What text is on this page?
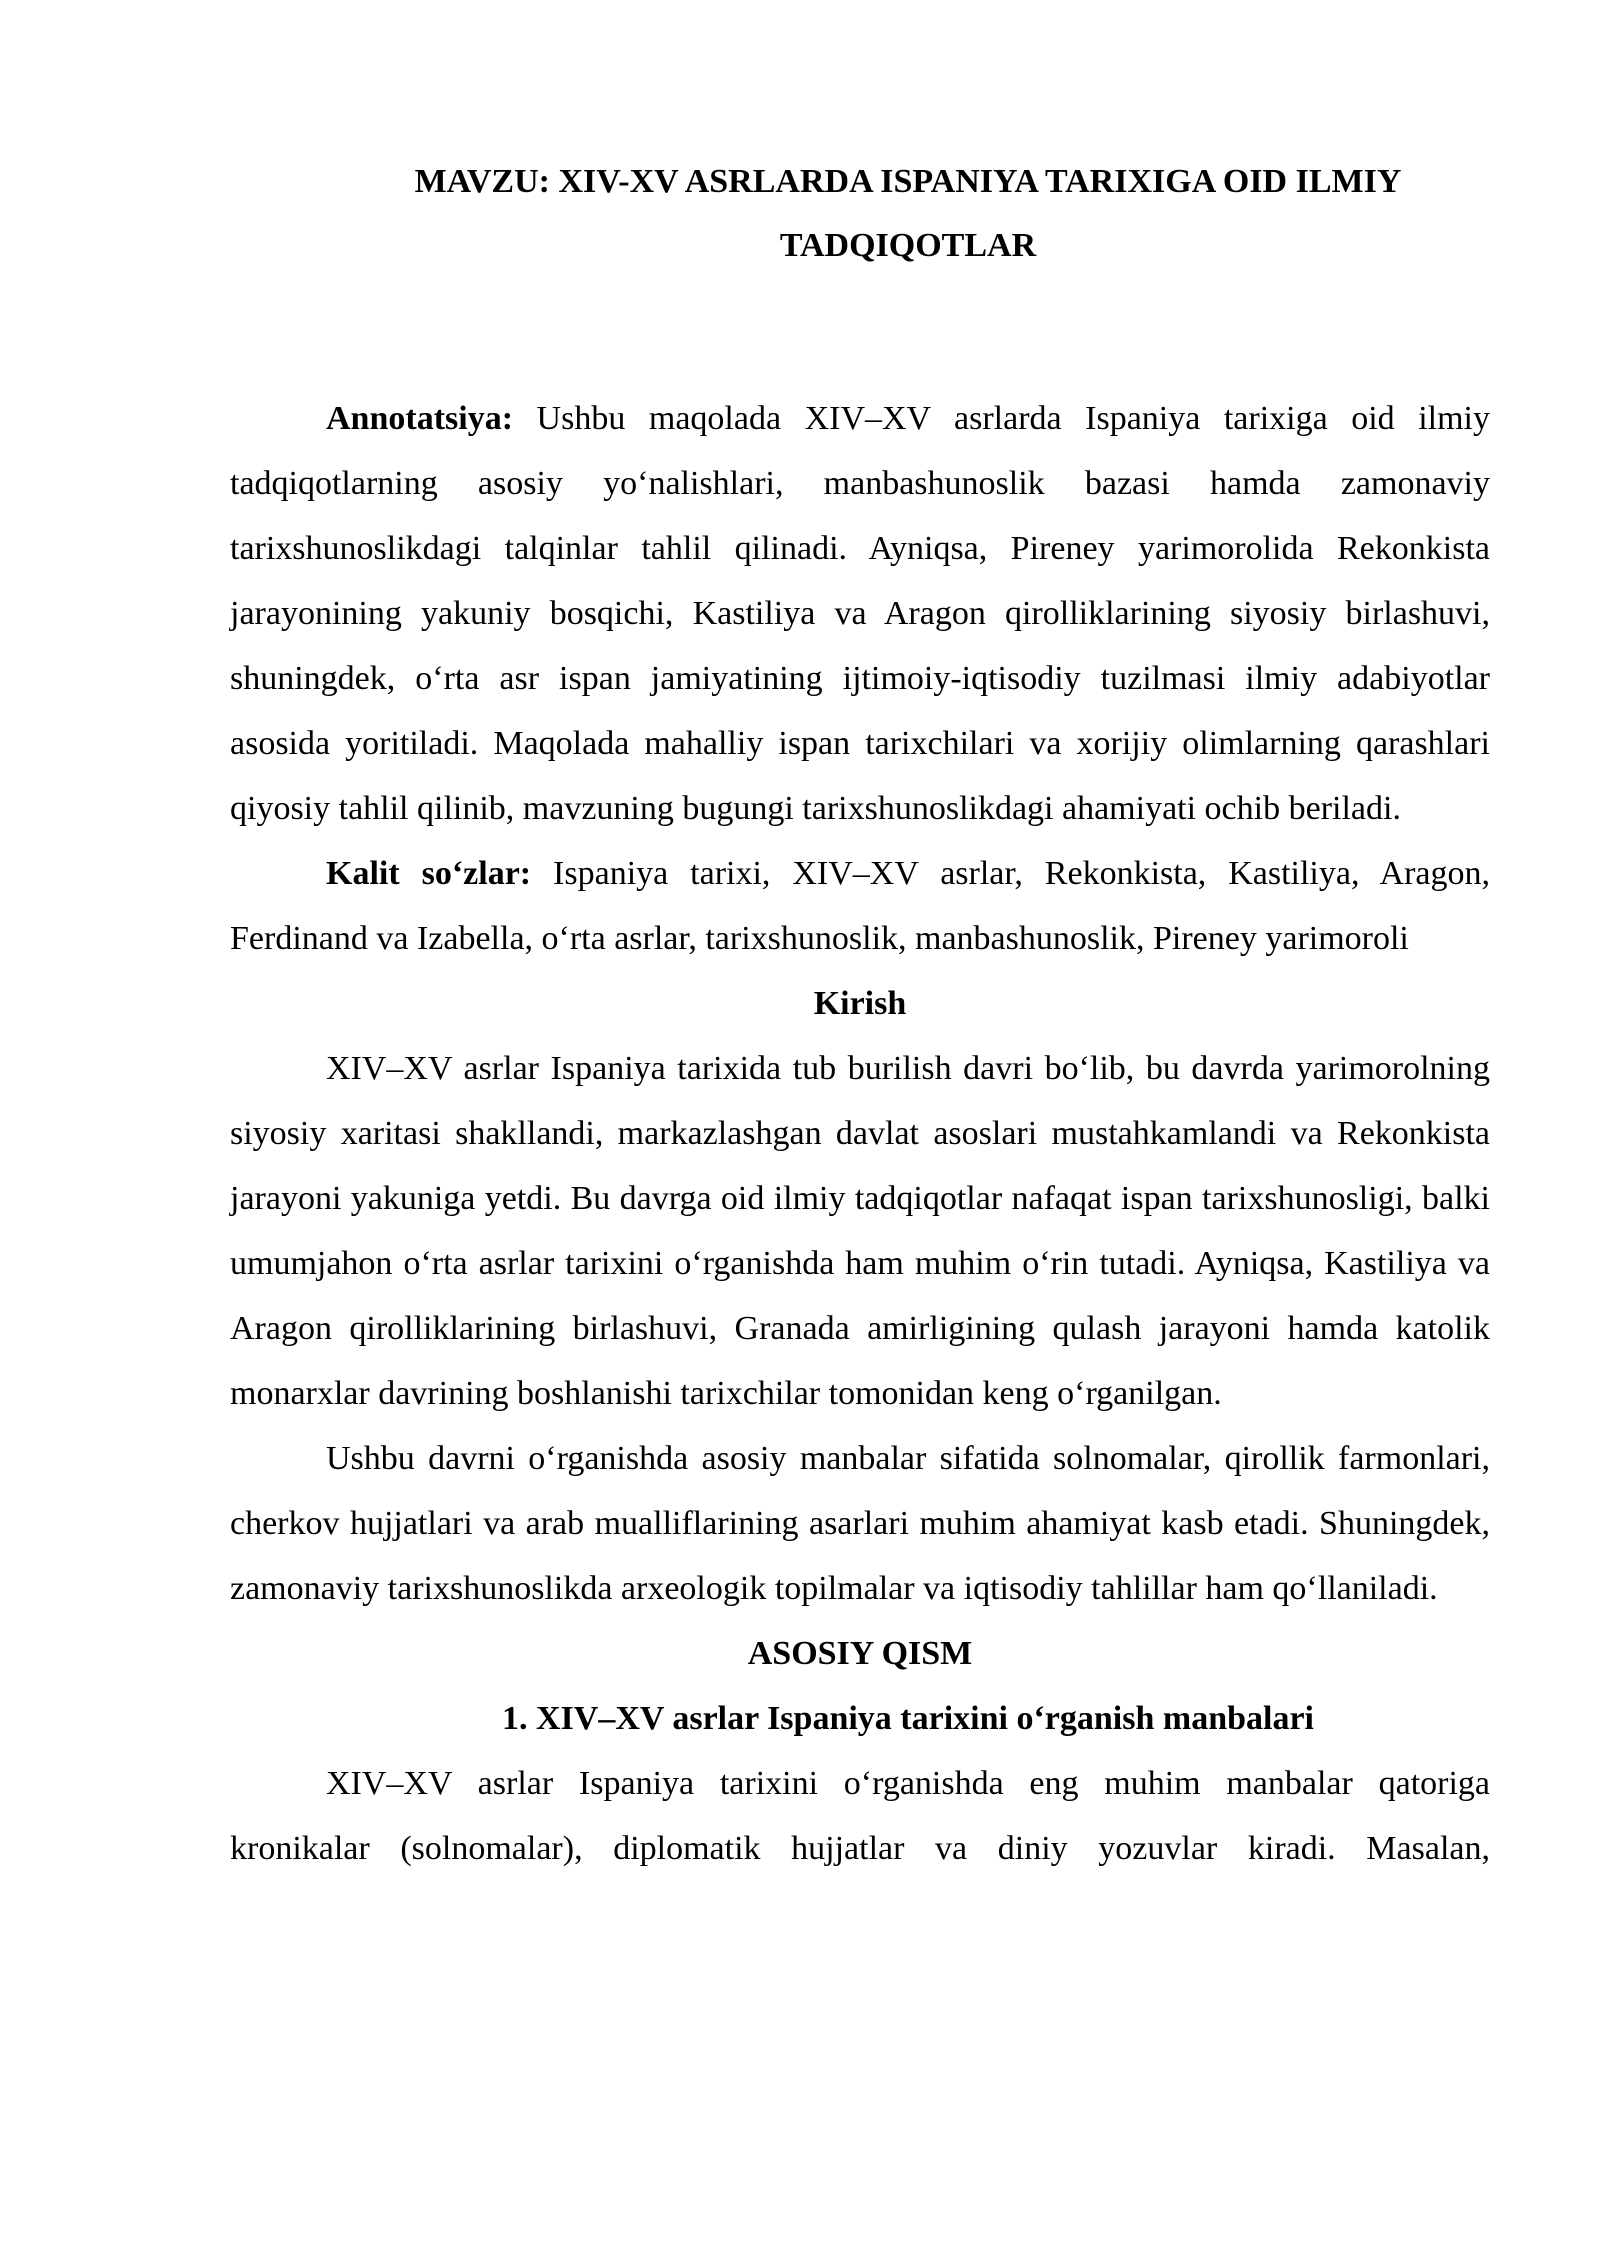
MAVZU: XIV-XV ASRLARDA ISPANIYA TARIXIGA OID ILMIY TADQIQOTLAR

Annotatsiya: Ushbu maqolada XIV–XV asrlarda Ispaniya tarixiga oid ilmiy tadqiqotlarning asosiy yo‘nalishlari, manbashunoslik bazasi hamda zamonaviy tarixshunoslikdagi talqinlar tahlil qilinadi. Ayniqsa, Pireney yarimorolida Rekonkista jarayonining yakuniy bosqichi, Kastiliya va Aragon qirolliklarining siyosiy birlashuvi, shuningdek, o‘rta asr ispan jamiyatining ijtimoiy-iqtisodiy tuzilmasi ilmiy adabiyotlar asosida yoritiladi. Maqolada mahalliy ispan tarixchilari va xorijiy olimlarning qarashlari qiyosiy tahlil qilinib, mavzuning bugungi tarixshunoslikdagi ahamiyati ochib beriladi.

Kalit so‘zlar: Ispaniya tarixi, XIV–XV asrlar, Rekonkista, Kastiliya, Aragon, Ferdinand va Izabella, o‘rta asrlar, tarixshunoslik, manbashunoslik, Pireney yarimoroli

Kirish

XIV–XV asrlar Ispaniya tarixida tub burilish davri bo‘lib, bu davrda yarimorolning siyosiy xaritasi shakllandi, markazlashgan davlat asoslari mustahkamlandi va Rekonkista jarayoni yakuniga yetdi. Bu davrga oid ilmiy tadqiqotlar nafaqat ispan tarixshunosligi, balki umumjahon o‘rta asrlar tarixini o‘rganishda ham muhim o‘rin tutadi. Ayniqsa, Kastiliya va Aragon qirolliklarining birlashuvi, Granada amirligining qulash jarayoni hamda katolik monarxlar davrining boshlanishi tarixchilar tomonidan keng o‘rganilgan.

Ushbu davrni o‘rganishda asosiy manbalar sifatida solnomalar, qirollik farmonlari, cherkov hujjatlari va arab mualliflarining asarlari muhim ahamiyat kasb etadi. Shuningdek, zamonaviy tarixshunoslikda arxeologik topilmalar va iqtisodiy tahlillar ham qo‘llaniladi.

ASOSIY QISM
1. XIV–XV asrlar Ispaniya tarixini o‘rganish manbalari

XIV–XV asrlar Ispaniya tarixini o‘rganishda eng muhim manbalar qatoriga kronikalar (solnomalar), diplomatik hujjatlar va diniy yozuvlar kiradi. Masalan,
